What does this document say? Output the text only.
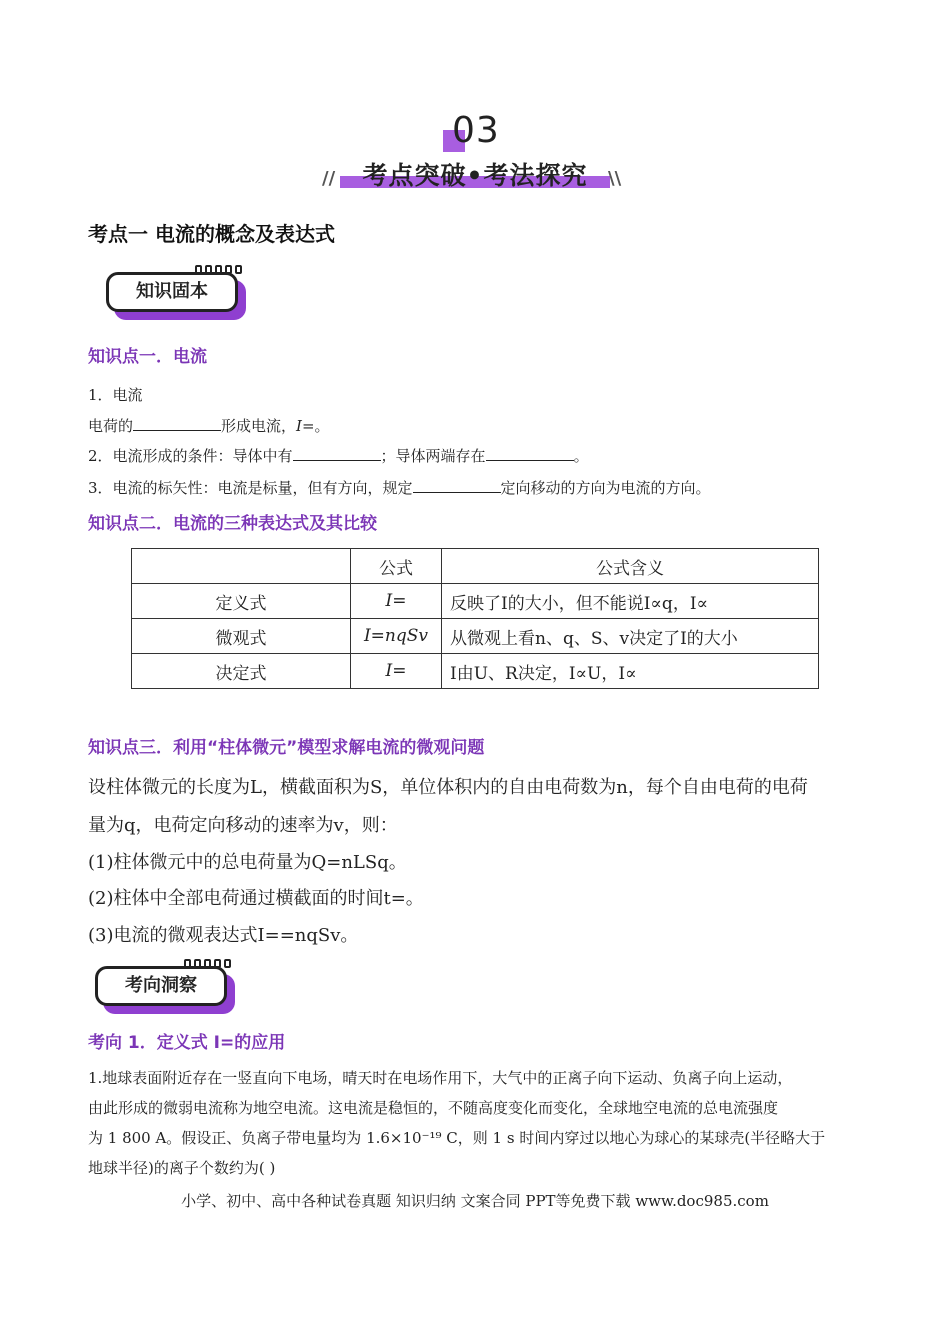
03
//	考点突破•考法探究	\\
考点一 电流的概念及表达式
知识固本
知识点一．电流
1．电流
电荷的	形成电流，I=。
2．电流形成的条件：导体中有	；导体两端存在	。
3．电流的标矢性：电流是标量，但有方向，规定	定向移动的方向为电流的方向。
知识点二．电流的三种表达式及其比较
	公式	公式含义
定义式	I=	反映了I的大小，但不能说I∝q，I∝
微观式	I=nqSv	从微观上看n、q、S、v决定了I的大小
决定式	I=	I由U、R决定，I∝U，I∝
知识点三．利用“柱体微元”模型求解电流的微观问题
设柱体微元的长度为L，横截面积为S，单位体积内的自由电荷数为n，每个自由电荷的电荷
量为q，电荷定向移动的速率为v，则：
(1)柱体微元中的总电荷量为Q=nLSq。
(2)柱体中全部电荷通过横截面的时间t=。
(3)电流的微观表达式I==nqSv。
考向洞察
考向 1．定义式 I=的应用
1.地球表面附近存在一竖直向下电场，晴天时在电场作用下，大气中的正离子向下运动、负离子向上运动，
由此形成的微弱电流称为地空电流。这电流是稳恒的，不随高度变化而变化，全球地空电流的总电流强度
为 1 800 A。假设正、负离子带电量均为 1.6×10⁻¹⁹ C，则 1 s 时间内穿过以地心为球心的某球壳(半径略大于
地球半径)的离子个数约为( )
小学、初中、高中各种试卷真题 知识归纳 文案合同 PPT等免费下载 www.doc985.com
